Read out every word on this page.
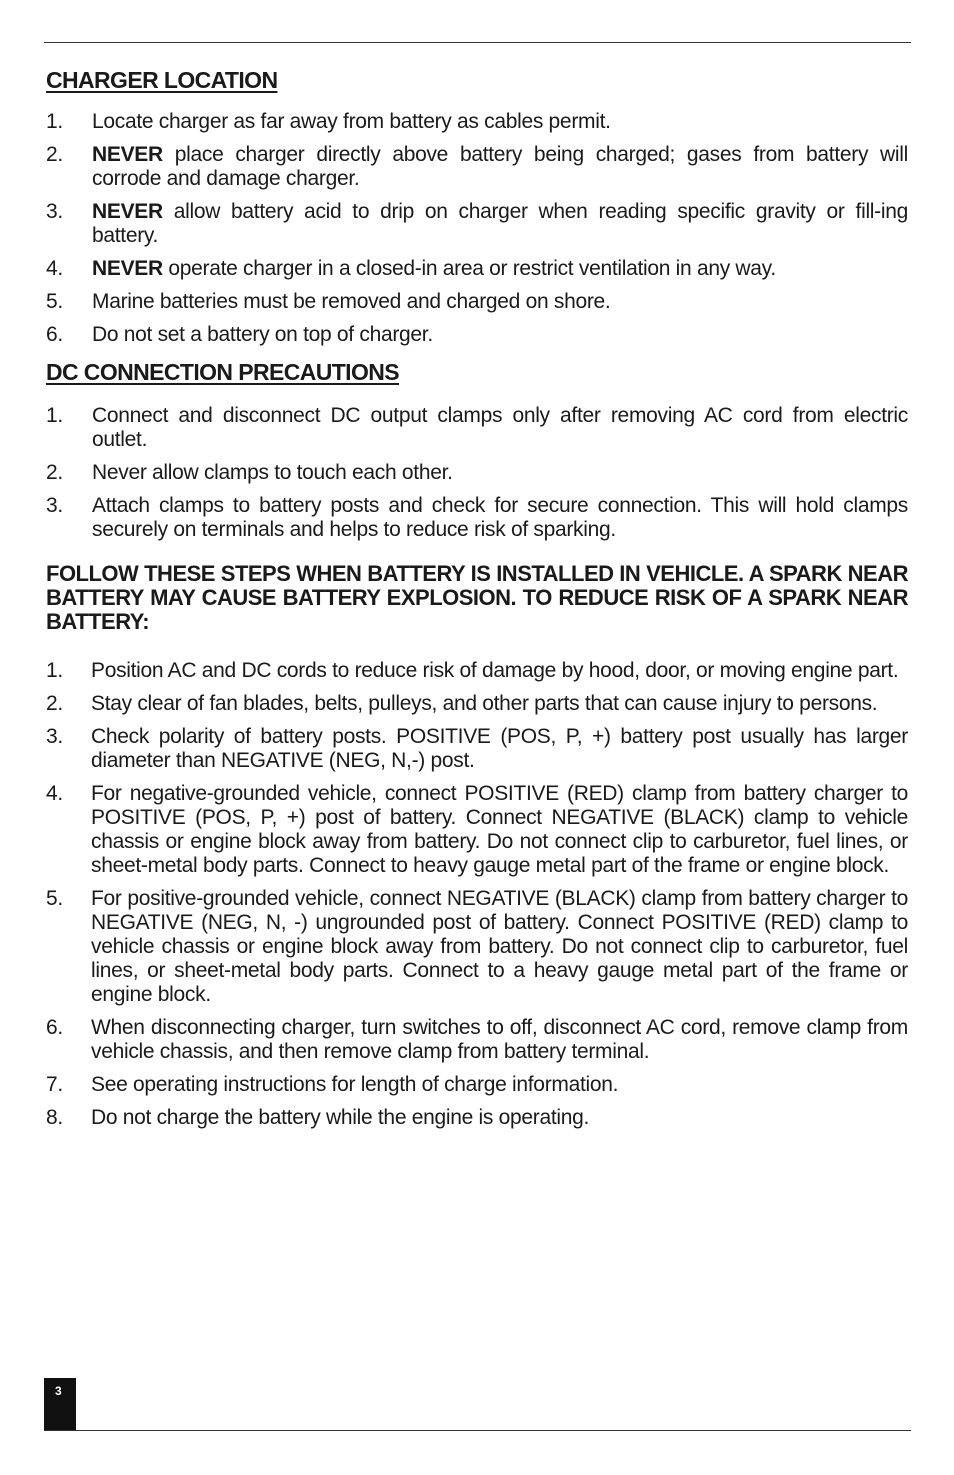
CHARGER LOCATION
1. Locate charger as far away from battery as cables permit.
2. NEVER place charger directly above battery being charged; gases from battery will corrode and damage charger.
3. NEVER allow battery acid to drip on charger when reading specific gravity or fill-ing battery.
4. NEVER operate charger in a closed-in area or restrict ventilation in any way.
5. Marine batteries must be removed and charged on shore.
6. Do not set a battery on top of charger.
DC CONNECTION PRECAUTIONS
1. Connect and disconnect DC output clamps only after removing AC cord from electric outlet.
2. Never allow clamps to touch each other.
3. Attach clamps to battery posts and check for secure connection. This will hold clamps securely on terminals and helps to reduce risk of sparking.
FOLLOW THESE STEPS WHEN BATTERY IS INSTALLED IN VEHICLE. A SPARK NEAR BATTERY MAY CAUSE BATTERY EXPLOSION. TO REDUCE RISK OF A SPARK NEAR BATTERY:
1. Position AC and DC cords to reduce risk of damage by hood, door, or moving engine part.
2. Stay clear of fan blades, belts, pulleys, and other parts that can cause injury to persons.
3. Check polarity of battery posts. POSITIVE (POS, P, +) battery post usually has larger diameter than NEGATIVE (NEG, N,-) post.
4. For negative-grounded vehicle, connect POSITIVE (RED) clamp from battery charger to POSITIVE (POS, P, +) post of battery. Connect NEGATIVE (BLACK) clamp to vehicle chassis or engine block away from battery. Do not connect clip to carburetor, fuel lines, or sheet-metal body parts. Connect to heavy gauge metal part of the frame or engine block.
5. For positive-grounded vehicle, connect NEGATIVE (BLACK) clamp from battery charger to NEGATIVE (NEG, N, -) ungrounded post of battery. Connect POSITIVE (RED) clamp to vehicle chassis or engine block away from battery. Do not connect clip to carburetor, fuel lines, or sheet-metal body parts. Connect to a heavy gauge metal part of the frame or engine block.
6. When disconnecting charger, turn switches to off, disconnect AC cord, remove clamp from vehicle chassis, and then remove clamp from battery terminal.
7. See operating instructions for length of charge information.
8. Do not charge the battery while the engine is operating.
3
